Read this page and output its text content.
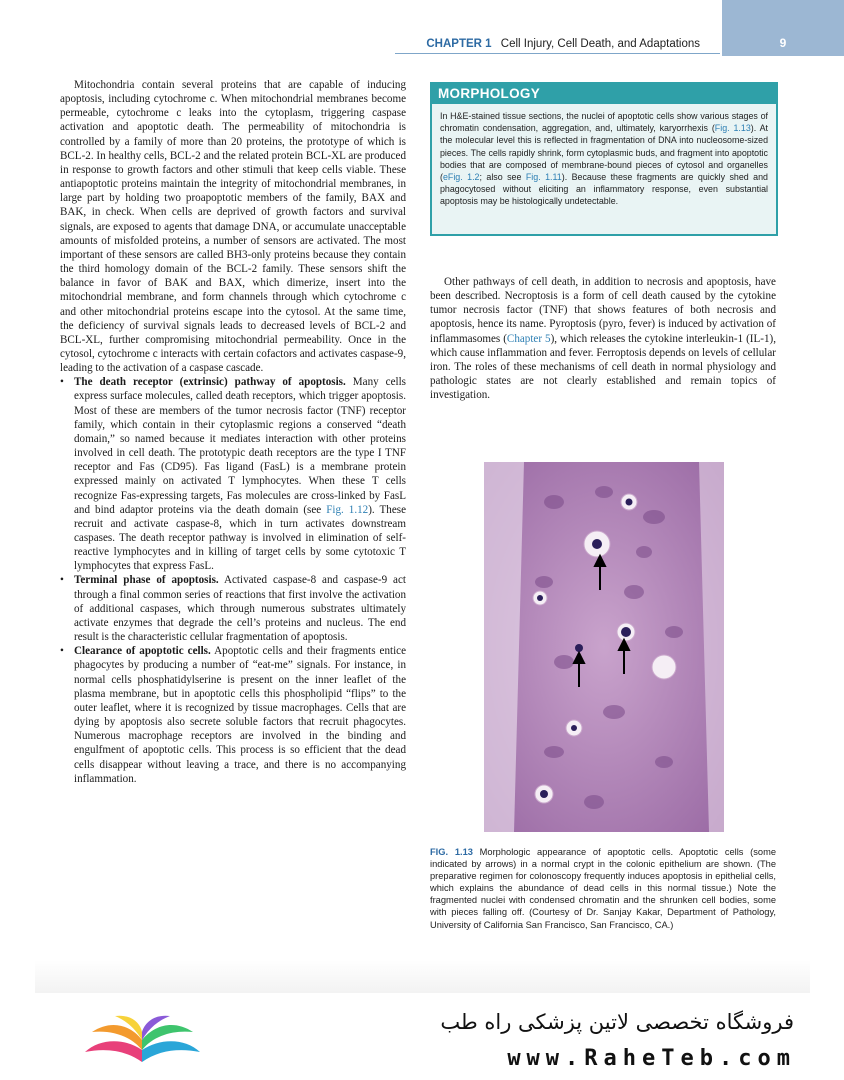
CHAPTER 1 Cell Injury, Cell Death, and Adaptations	9

Mitochondria contain several proteins that are capable of inducing apoptosis, including cytochrome c. When mitochondrial membranes become permeable, cytochrome c leaks into the cytoplasm, triggering caspase activation and apoptotic death. The permeability of mitochondria is controlled by a family of more than 20 proteins, the prototype of which is BCL-2. In healthy cells, BCL-2 and the related protein BCL-XL are produced in response to growth factors and other stimuli that keep cells viable. These antiapoptotic proteins maintain the integrity of mitochondrial membranes, in large part by holding two proapoptotic members of the family, BAX and BAK, in check. When cells are deprived of growth factors and survival signals, are exposed to agents that damage DNA, or accumulate unacceptable amounts of misfolded proteins, a number of sensors are activated. The most important of these sensors are called BH3-only proteins because they contain the third homology domain of the BCL-2 family. These sensors shift the balance in favor of BAK and BAX, which dimerize, insert into the mitochondrial membrane, and form channels through which cytochrome c and other mitochondrial proteins escape into the cytosol. At the same time, the deficiency of survival signals leads to decreased levels of BCL-2 and BCL-XL, further compromising mitochondrial permeability. Once in the cytosol, cytochrome c interacts with certain cofactors and activates caspase-9, leading to the activation of a caspase cascade.

• The death receptor (extrinsic) pathway of apoptosis. Many cells express surface molecules, called death receptors, which trigger apoptosis. Most of these are members of the tumor necrosis factor (TNF) receptor family, which contain in their cytoplasmic regions a conserved “death domain,” so named because it mediates interaction with other proteins involved in cell death. The prototypic death receptors are the type I TNF receptor and Fas (CD95). Fas ligand (FasL) is a membrane protein expressed mainly on activated T lymphocytes. When these T cells recognize Fas-expressing targets, Fas molecules are cross-linked by FasL and bind adaptor proteins via the death domain (see Fig. 1.12). These recruit and activate caspase-8, which in turn activates downstream caspases. The death receptor pathway is involved in elimination of self-reactive lymphocytes and in killing of target cells by some cytotoxic T lymphocytes that express FasL.
• Terminal phase of apoptosis. Activated caspase-8 and caspase-9 act through a final common series of reactions that first involve the activation of additional caspases, which through numerous substrates ultimately activate enzymes that degrade the cell’s proteins and nucleus. The end result is the characteristic cellular fragmentation of apoptosis.
• Clearance of apoptotic cells. Apoptotic cells and their fragments entice phagocytes by producing a number of “eat-me” signals. For instance, in normal cells phosphatidylserine is present on the inner leaflet of the plasma membrane, but in apoptotic cells this phospholipid “flips” to the outer leaflet, where it is recognized by tissue macrophages. Cells that are dying by apoptosis also secrete soluble factors that recruit phagocytes. Numerous macrophage receptors are involved in the binding and engulfment of apoptotic cells. This process is so efficient that the dead cells disappear without leaving a trace, and there is no accompanying inflammation.
MORPHOLOGY
In H&E-stained tissue sections, the nuclei of apoptotic cells show various stages of chromatin condensation, aggregation, and, ultimately, karyorrhexis (Fig. 1.13). At the molecular level this is reflected in fragmentation of DNA into nucleosome-sized pieces. The cells rapidly shrink, form cytoplasmic buds, and fragment into apoptotic bodies that are composed of membrane-bound pieces of cytosol and organelles (eFig. 1.2; also see Fig. 1.11). Because these fragments are quickly shed and phagocytosed without eliciting an inflammatory response, even substantial apoptosis may be histologically undetectable.

Other pathways of cell death, in addition to necrosis and apoptosis, have been described. Necroptosis is a form of cell death caused by the cytokine tumor necrosis factor (TNF) that shows features of both necrosis and apoptosis, hence its name. Pyroptosis (pyro, fever) is induced by activation of inflammasomes (Chapter 5), which releases the cytokine interleukin-1 (IL-1), which cause inflammation and fever. Ferroptosis depends on levels of cellular iron. The roles of these mechanisms of cell death in normal physiology and pathologic states are not clearly established and remain topics of investigation.

FIG. 1.13 Morphologic appearance of apoptotic cells. Apoptotic cells (some indicated by arrows) in a normal crypt in the colonic epithelium are shown. (The preparative regimen for colonoscopy frequently induces apoptosis in epithelial cells, which explains the abundance of dead cells in this normal tissue.) Note the fragmented nuclei with condensed chromatin and the shrunken cell bodies, some with pieces falling off. (Courtesy of Dr. Sanjay Kakar, Department of Pathology, University of California San Francisco, San Francisco, CA.)
فروشگاه تخصصی لاتین پزشکی راه طب
www.RaheTeb.com
